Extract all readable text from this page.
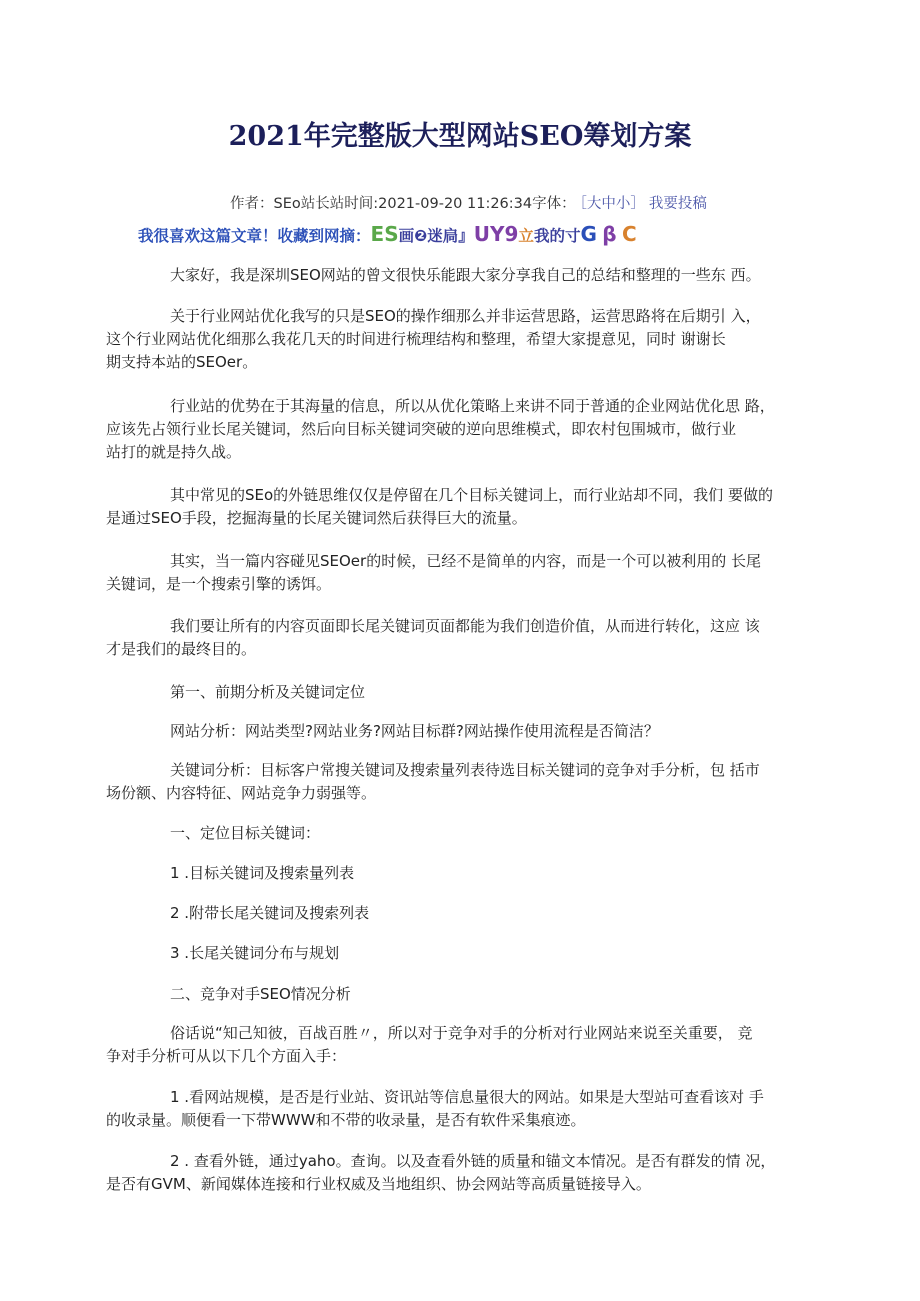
2021年完整版大型网站SEO筹划方案
作者：SEo站长站时间:2021-09-20 11:26:34字体： ［大中小］ 我要投稿
我很喜欢这篇文章！收藏到网摘：ES画❷迷扃』UY9立我的寸G β C

大家好，我是深圳SEO网站的曾文很快乐能跟大家分享我自己的总结和整理的一些东 西。

关于行业网站优化我写的只是SEO的操作细那么并非运营思路，运营思路将在后期引 入，
这个行业网站优化细那么我花几天的时间进行梳理结构和整理，希望大家提意见，同时 谢谢长
期支持本站的SEOer。

行业站的优势在于其海量的信息，所以从优化策略上来讲不同于普通的企业网站优化思 路，
应该先占领行业长尾关键词，然后向目标关键词突破的逆向思维模式，即农村包围城市，做行业
站打的就是持久战。

其中常见的SEo的外链思维仅仅是停留在几个目标关键词上，而行业站却不同，我们 要做的
是通过SEO手段，挖掘海量的长尾关键词然后获得巨大的流量。

其实，当一篇内容碰见SEOer的时候，已经不是简单的内容，而是一个可以被利用的 长尾
关键词，是一个搜索引擎的诱饵。

我们要让所有的内容页面即长尾关键词页面都能为我们创造价值，从而进行转化，这应 该
才是我们的最终目的。

第一、前期分析及关键词定位

网站分析：网站类型?网站业务?网站目标群?网站操作使用流程是否简洁？

关键词分析：目标客户常搜关键词及搜索量列表待选目标关键词的竞争对手分析，包 括市
场份额、内容特征、网站竞争力弱强等。

一、定位目标关键词：

1 .目标关键词及搜索量列表

2 .附带长尾关键词及搜索列表

3 .长尾关键词分布与规划

二、竞争对手SEO情况分析

俗话说“知己知彼，百战百胜〃，所以对于竞争对手的分析对行业网站来说至关重要， 竞
争对手分析可从以下几个方面入手：

1 .看网站规模，是否是行业站、资讯站等信息量很大的网站。如果是大型站可查看该对 手
的收录量。顺便看一下带WWW和不带的收录量，是否有软件采集痕迹。

2 . 查看外链，通过yaho。查询。以及查看外链的质量和锚文本情况。是否有群发的情 况，
是否有GVM、新闻媒体连接和行业权威及当地组织、协会网站等高质量链接导入。
